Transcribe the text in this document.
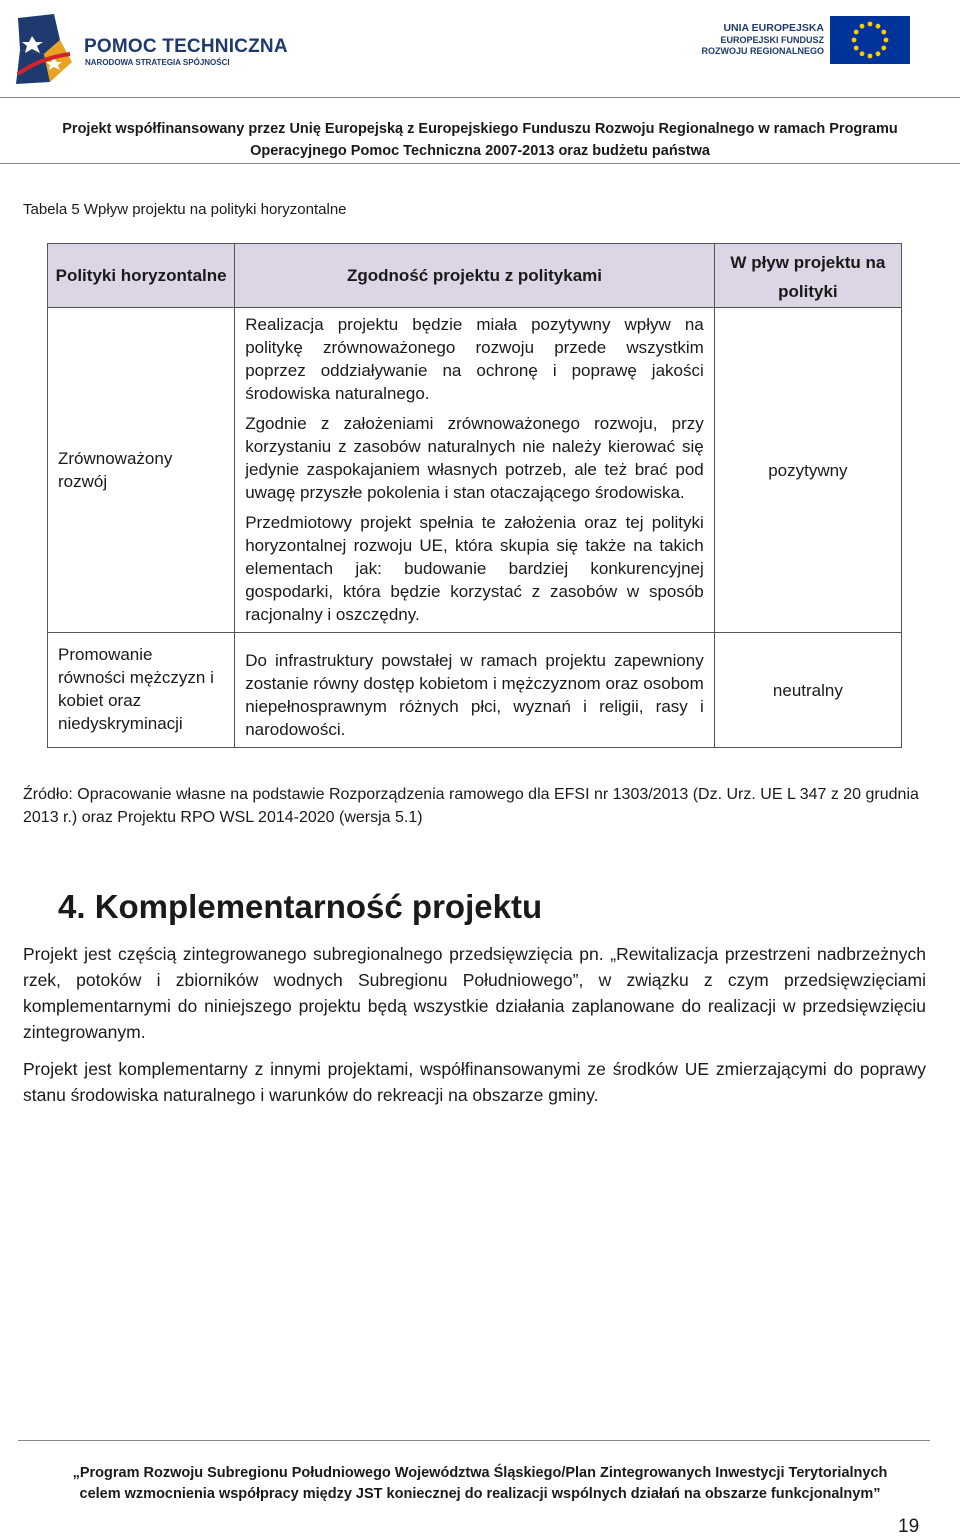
POMOC TECHNICZNA
NARODOWA STRATEGIA SPÓJNOŚCI
UNIA EUROPEJSKA
EUROPEJSKI FUNDUSZ
ROZWOJU REGIONALNEGO
Projekt współfinansowany przez Unię Europejską z Europejskiego Funduszu Rozwoju Regionalnego w ramach Programu
Operacyjnego Pomoc Techniczna 2007-2013 oraz budżetu państwa
Tabela 5 Wpływ projektu na polityki horyzontalne
Polityki horyzontalne	Zgodność projektu z politykami	W pływ projektu na polityki
Zrównoważony rozwój	Realizacja projektu będzie miała pozytywny wpływ na politykę zrównoważonego rozwoju przede wszystkim poprzez oddziaływanie na ochronę i poprawę jakości środowiska naturalnego.

Zgodnie z założeniami zrównoważonego rozwoju, przy korzystaniu z zasobów naturalnych nie należy kierować się jedynie zaspokajaniem własnych potrzeb, ale też brać pod uwagę przyszłe pokolenia i stan otaczającego środowiska.

Przedmiotowy projekt spełnia te założenia oraz tej polityki horyzontalnej rozwoju UE, która skupia się także na takich elementach jak: budowanie bardziej konkurencyjnej gospodarki, która będzie korzystać z zasobów w sposób racjonalny i oszczędny.	pozytywny
Promowanie równości mężczyzn i kobiet oraz niedyskryminacji	Do infrastruktury powstałej w ramach projektu zapewniony zostanie równy dostęp kobietom i mężczyznom oraz osobom niepełnosprawnym różnych płci, wyznań i religii, rasy i narodowości.	neutralny
Źródło: Opracowanie własne na podstawie Rozporządzenia ramowego dla EFSI nr 1303/2013 (Dz. Urz. UE L 347 z 20 grudnia 2013 r.) oraz Projektu RPO WSL 2014-2020 (wersja 5.1)
4. Komplementarność projektu
Projekt jest częścią zintegrowanego subregionalnego przedsięwzięcia pn. „Rewitalizacja przestrzeni nadbrzeżnych rzek, potoków i zbiorników wodnych Subregionu Południowego”, w związku z czym przedsięwzięciami komplementarnymi do niniejszego projektu będą wszystkie działania zaplanowane do realizacji w przedsięwzięciu zintegrowanym.
Projekt jest komplementarny z innymi projektami, współfinansowanymi ze środków UE zmierzającymi do poprawy stanu środowiska naturalnego i warunków do rekreacji na obszarze gminy.
„Program Rozwoju Subregionu Południowego Województwa Śląskiego/Plan Zintegrowanych Inwestycji Terytorialnych
celem wzmocnienia współpracy między JST koniecznej do realizacji wspólnych działań na obszarze funkcjonalnym”
19
